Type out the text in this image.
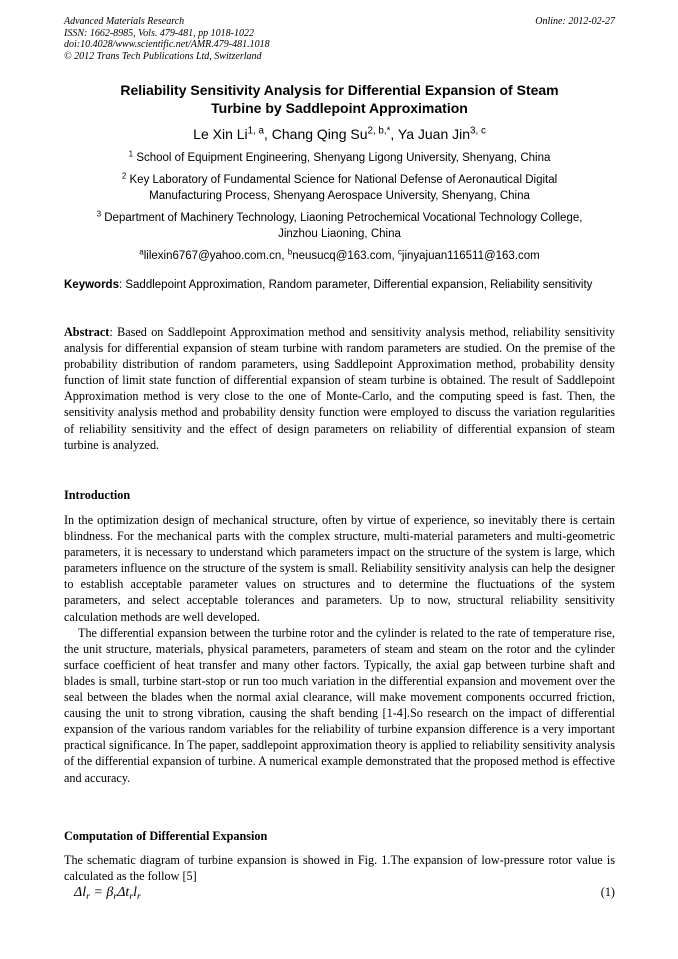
Advanced Materials Research
ISSN: 1662-8985, Vols. 479-481, pp 1018-1022
doi:10.4028/www.scientific.net/AMR.479-481.1018
© 2012 Trans Tech Publications Ltd, Switzerland
Online: 2012-02-27
Reliability Sensitivity Analysis for Differential Expansion of Steam
Turbine by Saddlepoint Approximation
Le Xin Li$^{1, a}$, Chang Qing $Su^{2, b,*}$, Ya Juan Jin$^{3, c}$
$^1$ School of Equipment Engineering, Shenyang Ligong University, Shenyang, China
$^2$ Key Laboratory of Fundamental Science for National Defense of Aeronautical Digital
Manufacturing Process, Shenyang Aerospace University, Shenyang, China
$^3$ Department of Machinery Technology, Liaoning Petrochemical Vocational Technology College,
Jinzhou Liaoning, China
$^a$lilexin6767@yahoo.com.cn, $^b$neusucq@163.com, $^c$jinyajuan116511@163.com
Keywords: Saddlepoint Approximation, Random parameter, Differential expansion, Reliability sensitivity
Abstract: Based on Saddlepoint Approximation method and sensitivity analysis method, reliability sensitivity analysis for differential expansion of steam turbine with random parameters are studied. On the premise of the probability distribution of random parameters, using Saddlepoint Approximation method, probability density function of limit state function of differential expansion of steam turbine is obtained. The result of Saddlepoint Approximation method is very close to the one of Monte-Carlo, and the computing speed is fast. Then, the sensitivity analysis method and probability density function were employed to discuss the variation regularities of reliability sensitivity and the effect of design parameters on reliability of differential expansion of steam turbine is analyzed.
Introduction

In the optimization design of mechanical structure, often by virtue of experience, so inevitably there is certain blindness. For the mechanical parts with the complex structure, multi-material parameters and multi-geometric parameters, it is necessary to understand which parameters impact on the structure of the system is large, which parameters influence on the structure of the system is small. Reliability sensitivity analysis can help the designer to establish acceptable parameter values on structures and to determine the fluctuations of the system parameters, and select acceptable tolerances and parameters. Up to now, structural reliability sensitivity calculation methods are well developed.

The differential expansion between the turbine rotor and the cylinder is related to the rate of temperature rise, the unit structure, materials, physical parameters, parameters of steam and steam on the rotor and the cylinder surface coefficient of heat transfer and many other factors. Typically, the axial gap between turbine shaft and blades is small, turbine start-stop or run too much variation in the differential expansion and movement over the seal between the blades when the normal axial clearance, will make movement components occurred friction, causing the unit to strong vibration, causing the shaft bending [1-4].So research on the impact of differential expansion of the various random variables for the reliability of turbine expansion difference is a very important practical significance. In The paper, saddlepoint approximation theory is applied to reliability sensitivity analysis of the differential expansion of turbine. A numerical example demonstrated that the proposed method is effective and accuracy.

Computation of Differential Expansion
The schematic diagram of turbine expansion is showed in Fig. 1.The expansion of low-pressure rotor value is calculated as the follow [5]
$\Delta l_r = \beta_r\Delta t_rl_r$	(1)
